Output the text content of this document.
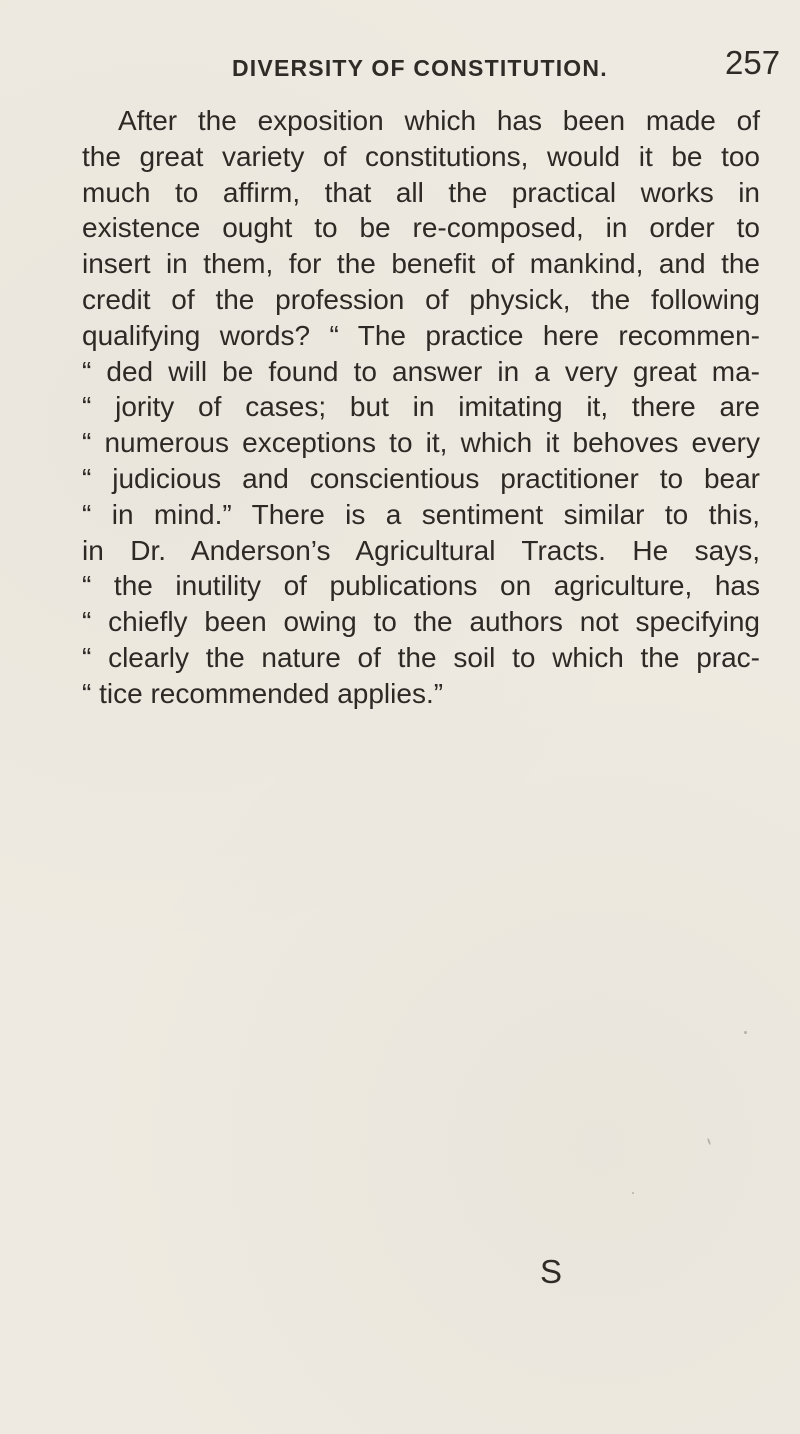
DIVERSITY OF CONSTITUTION.	257
After the exposition which has been made of
the great variety of constitutions, would it be too
much to affirm, that all the practical works in
existence ought to be re-composed, in order to
insert in them, for the benefit of mankind, and the
credit of the profession of physick, the following
qualifying words? “ The practice here recommen-
“ ded will be found to answer in a very great ma-
“ jority of cases; but in imitating it, there are
“ numerous exceptions to it, which it behoves every
“ judicious and conscientious practitioner to bear
“ in mind.” There is a sentiment similar to this,
in Dr. Anderson’s Agricultural Tracts. He says,
“ the inutility of publications on agriculture, has
“ chiefly been owing to the authors not specifying
“ clearly the nature of the soil to which the prac-
“ tice recommended applies.”
S
